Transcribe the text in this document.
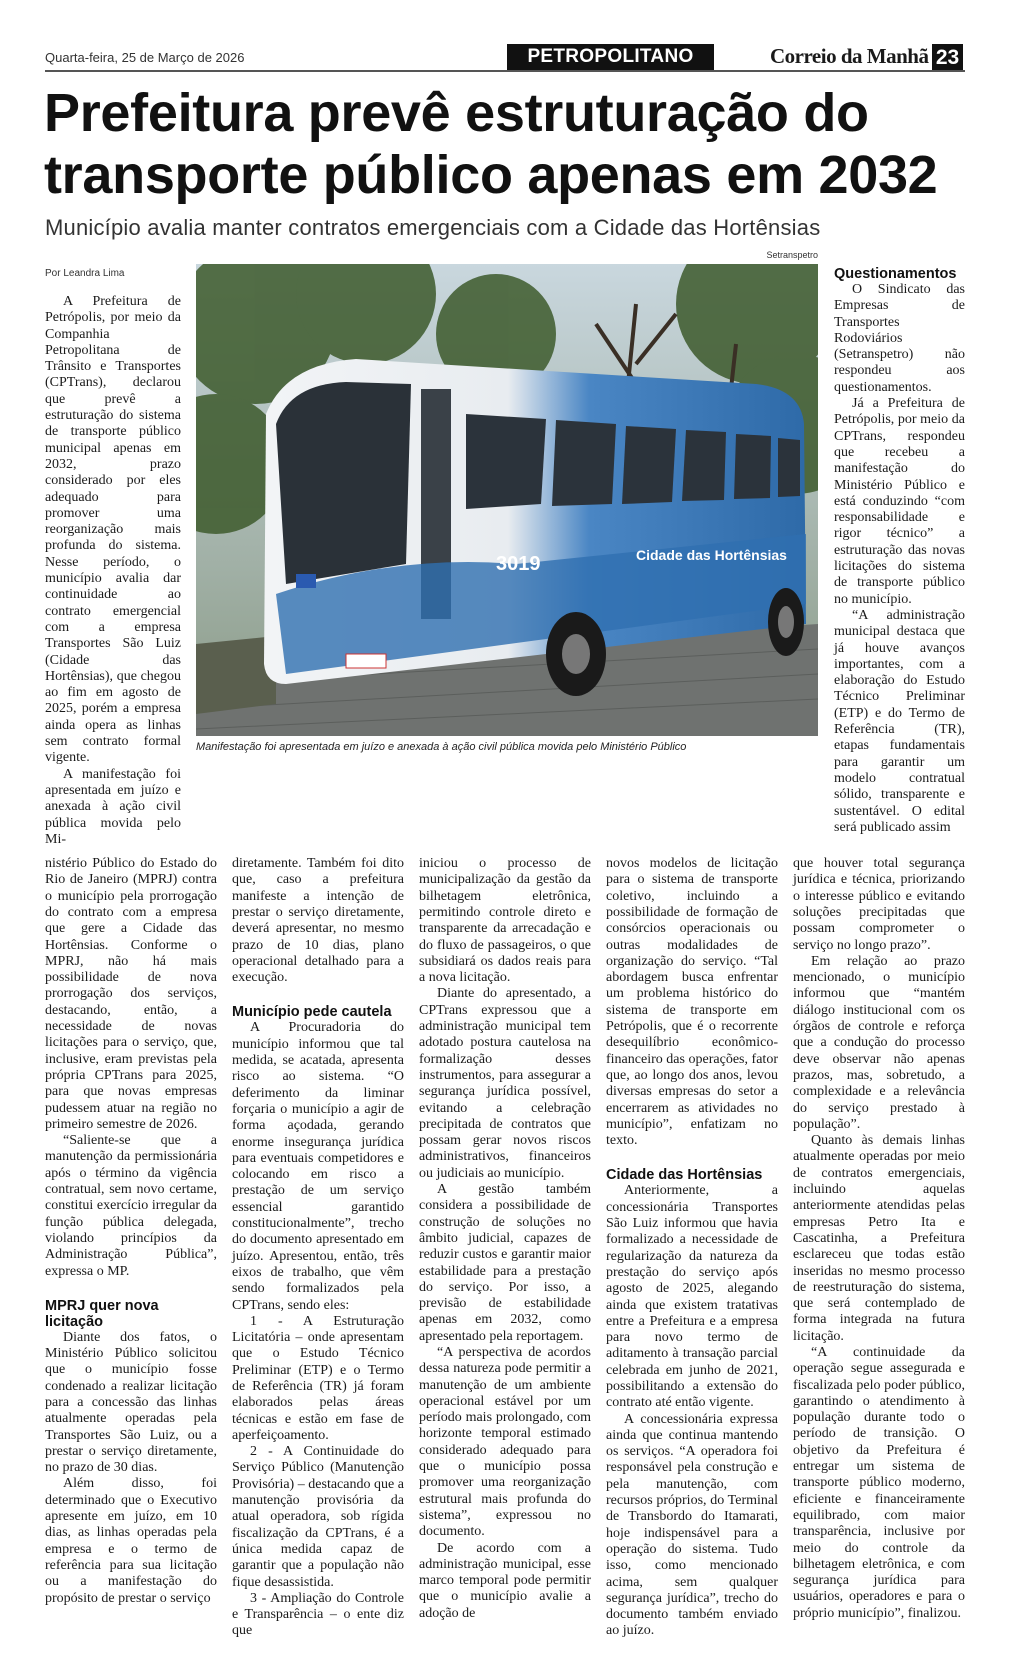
Quarta-feira, 25 de Março de 2026	PETROPOLITANO	Correio da Manhã 23
Prefeitura prevê estruturação do transporte público apenas em 2032
Município avalia manter contratos emergenciais com a Cidade das Hortênsias
Setranspetro
Por Leandra Lima

A Prefeitura de Petrópolis, por meio da Companhia Petropolitana de Trânsito e Transportes (CPTrans), declarou que prevê a estruturação do sistema de transporte público municipal apenas em 2032, prazo considerado por eles adequado para promover uma reorganização mais profunda do sistema. Nesse período, o município avalia dar continuidade ao contrato emergencial com a empresa Transportes São Luiz (Cidade das Hortênsias), que chegou ao fim em agosto de 2025, porém a empresa ainda opera as linhas sem contrato formal vigente.

A manifestação foi apresentada em juízo e anexada à ação civil pública movida pelo Mi-

3019	Cidade das Hortênsias
Manifestação foi apresentada em juízo e anexada à ação civil pública movida pelo Ministério Público
Questionamentos

O Sindicato das Empresas de Transportes Rodoviários (Setranspetro) não respondeu aos questionamentos.

Já a Prefeitura de Petrópolis, por meio da CPTrans, respondeu que recebeu a manifestação do Ministério Público e está conduzindo “com responsabilidade e rigor técnico” a estruturação das novas licitações do sistema de transporte público no município.

“A administração municipal destaca que já houve avanços importantes, com a elaboração do Estudo Técnico Preliminar (ETP) e do Termo de Referência (TR), etapas fundamentais para garantir um modelo contratual sólido, transparente e sustentável. O edital será publicado assim

nistério Público do Estado do Rio de Janeiro (MPRJ) contra o município pela prorrogação do contrato com a empresa que gere a Cidade das Hortênsias. Conforme o MPRJ, não há mais possibilidade de nova prorrogação dos serviços, destacando, então, a necessidade de novas licitações para o serviço, que, inclusive, eram previstas pela própria CPTrans para 2025, para que novas empresas pudessem atuar na região no primeiro semestre de 2026.

“Saliente-se que a manutenção da permissionária após o término da vigência contratual, sem novo certame, constitui exercício irregular da função pública delegada, violando princípios da Administração Pública”, expressa o MP.

MPRJ quer nova licitação

Diante dos fatos, o Ministério Público solicitou que o município fosse condenado a realizar licitação para a concessão das linhas atualmente operadas pela Transportes São Luiz, ou a prestar o serviço diretamente, no prazo de 30 dias.

Além disso, foi determinado que o Executivo apresente em juízo, em 10 dias, as linhas operadas pela empresa e o termo de referência para sua licitação ou a manifestação do propósito de prestar o serviço

diretamente. Também foi dito que, caso a prefeitura manifeste a intenção de prestar o serviço diretamente, deverá apresentar, no mesmo prazo de 10 dias, plano operacional detalhado para a execução.

Município pede cautela

A Procuradoria do município informou que tal medida, se acatada, apresenta risco ao sistema. “O deferimento da liminar forçaria o município a agir de forma açodada, gerando enorme insegurança jurídica para eventuais competidores e colocando em risco a prestação de um serviço essencial garantido constitucionalmente”, trecho do documento apresentado em juízo. Apresentou, então, três eixos de trabalho, que vêm sendo formalizados pela CPTrans, sendo eles:

1 - A Estruturação Licitatória – onde apresentam que o Estudo Técnico Preliminar (ETP) e o Termo de Referência (TR) já foram elaborados pelas áreas técnicas e estão em fase de aperfeiçoamento.

2 - A Continuidade do Serviço Público (Manutenção Provisória) – destacando que a manutenção provisória da atual operadora, sob rígida fiscalização da CPTrans, é a única medida capaz de garantir que a população não fique desassistida.

3 - Ampliação do Controle e Transparência – o ente diz que

iniciou o processo de municipalização da gestão da bilhetagem eletrônica, permitindo controle direto e transparente da arrecadação e do fluxo de passageiros, o que subsidiará os dados reais para a nova licitação.

Diante do apresentado, a CPTrans expressou que a administração municipal tem adotado postura cautelosa na formalização desses instrumentos, para assegurar a segurança jurídica possível, evitando a celebração precipitada de contratos que possam gerar novos riscos administrativos, financeiros ou judiciais ao município.

A gestão também considera a possibilidade de construção de soluções no âmbito judicial, capazes de reduzir custos e garantir maior estabilidade para a prestação do serviço. Por isso, a previsão de estabilidade apenas em 2032, como apresentado pela reportagem.

“A perspectiva de acordos dessa natureza pode permitir a manutenção de um ambiente operacional estável por um período mais prolongado, com horizonte temporal estimado considerado adequado para que o município possa promover uma reorganização estrutural mais profunda do sistema”, expressou no documento.

De acordo com a administração municipal, esse marco temporal pode permitir que o município avalie a adoção de

novos modelos de licitação para o sistema de transporte coletivo, incluindo a possibilidade de formação de consórcios operacionais ou outras modalidades de organização do serviço. “Tal abordagem busca enfrentar um problema histórico do sistema de transporte em Petrópolis, que é o recorrente desequilíbrio econômico-financeiro das operações, fator que, ao longo dos anos, levou diversas empresas do setor a encerrarem as atividades no município”, enfatizam no texto.

Cidade das Hortênsias

Anteriormente, a concessionária Transportes São Luiz informou que havia formalizado a necessidade de regularização da natureza da prestação do serviço após agosto de 2025, alegando ainda que existem tratativas entre a Prefeitura e a empresa para novo termo de aditamento à transação parcial celebrada em junho de 2021, possibilitando a extensão do contrato até então vigente.

A concessionária expressa ainda que continua mantendo os serviços. “A operadora foi responsável pela construção e pela manutenção, com recursos próprios, do Terminal de Transbordo do Itamarati, hoje indispensável para a operação do sistema. Tudo isso, como mencionado acima, sem qualquer segurança jurídica”, trecho do documento também enviado ao juízo.

que houver total segurança jurídica e técnica, priorizando o interesse público e evitando soluções precipitadas que possam comprometer o serviço no longo prazo”.

Em relação ao prazo mencionado, o município informou que “mantém diálogo institucional com os órgãos de controle e reforça que a condução do processo deve observar não apenas prazos, mas, sobretudo, a complexidade e a relevância do serviço prestado à população”.

Quanto às demais linhas atualmente operadas por meio de contratos emergenciais, incluindo aquelas anteriormente atendidas pelas empresas Petro Ita e Cascatinha, a Prefeitura esclareceu que todas estão inseridas no mesmo processo de reestruturação do sistema, que será contemplado de forma integrada na futura licitação.

“A continuidade da operação segue assegurada e fiscalizada pelo poder público, garantindo o atendimento à população durante todo o período de transição. O objetivo da Prefeitura é entregar um sistema de transporte público moderno, eficiente e financeiramente equilibrado, com maior transparência, inclusive por meio do controle da bilhetagem eletrônica, e com segurança jurídica para usuários, operadores e para o próprio município”, finalizou.
